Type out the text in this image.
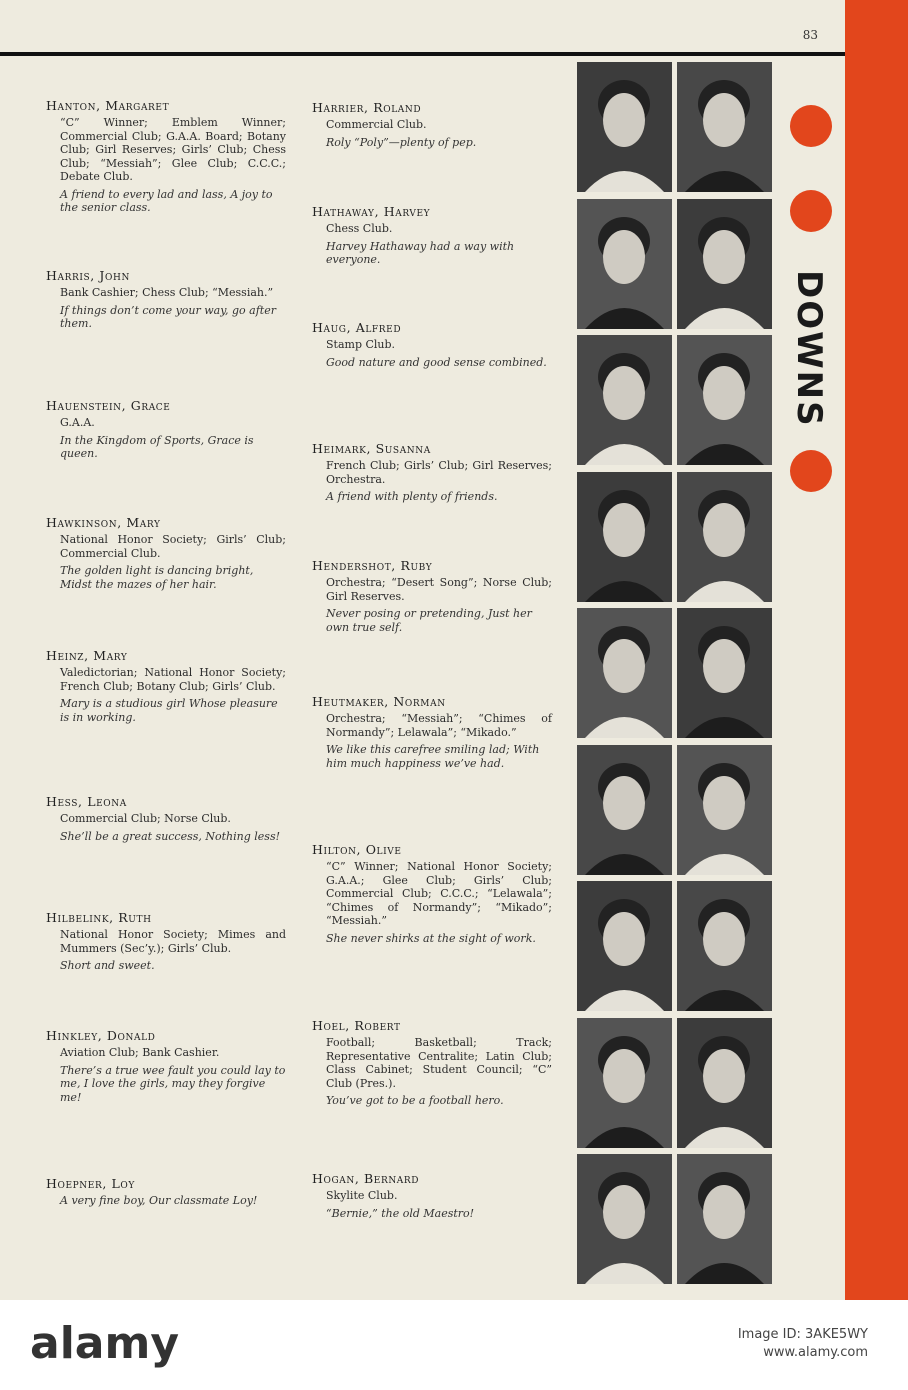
83
Hanton, Margaret
“C” Winner; Emblem Winner; Commercial Club; G.A.A. Board; Botany Club; Girl Reserves; Girls’ Club; Chess Club; “Messiah”; Glee Club; C.C.C.; Debate Club.
A friend to every lad and lass, A joy to the senior class.
Harris, John
Bank Cashier; Chess Club; “Messiah.”
If things don’t come your way, go after them.
Hauenstein, Grace
G.A.A.
In the Kingdom of Sports, Grace is queen.
Hawkinson, Mary
National Honor Society; Girls’ Club; Commercial Club.
The golden light is dancing bright, Midst the mazes of her hair.
Heinz, Mary
Valedictorian; National Honor Society; French Club; Botany Club; Girls’ Club.
Mary is a studious girl Whose pleasure is in working.
Hess, Leona
Commercial Club; Norse Club.
She’ll be a great success, Nothing less!
Hilbelink, Ruth
National Honor Society; Mimes and Mummers (Sec’y.); Girls’ Club.
Short and sweet.
Hinkley, Donald
Aviation Club; Bank Cashier.
There’s a true wee fault you could lay to me, I love the girls, may they forgive me!
Hoepner, Loy
A very fine boy, Our classmate Loy!
Harrier, Roland
Commercial Club.
Roly “Poly”—plenty of pep.
Hathaway, Harvey
Chess Club.
Harvey Hathaway had a way with everyone.
Haug, Alfred
Stamp Club.
Good nature and good sense combined.
Heimark, Susanna
French Club; Girls’ Club; Girl Reserves; Orchestra.
A friend with plenty of friends.
Hendershot, Ruby
Orchestra; “Desert Song”; Norse Club; Girl Reserves.
Never posing or pretending, Just her own true self.
Heutmaker, Norman
Orchestra; “Messiah”; “Chimes of Normandy”; Lelawala”; “Mikado.”
We like this carefree smiling lad; With him much happiness we’ve had.
Hilton, Olive
“C” Winner; National Honor Society; G.A.A.; Glee Club; Girls’ Club; Commercial Club; C.C.C.; “Lelawala”; “Chimes of Normandy”; “Mikado”; “Messiah.”
She never shirks at the sight of work.
Hoel, Robert
Football; Basketball; Track; Representative Centralite; Latin Club; Class Cabinet; Student Council; “C” Club (Pres.).
You’ve got to be a football hero.
Hogan, Bernard
Skylite Club.
“Bernie,” the old Maestro!
DOWNS
alamy	Image ID: 3AKE5WY
www.alamy.com
